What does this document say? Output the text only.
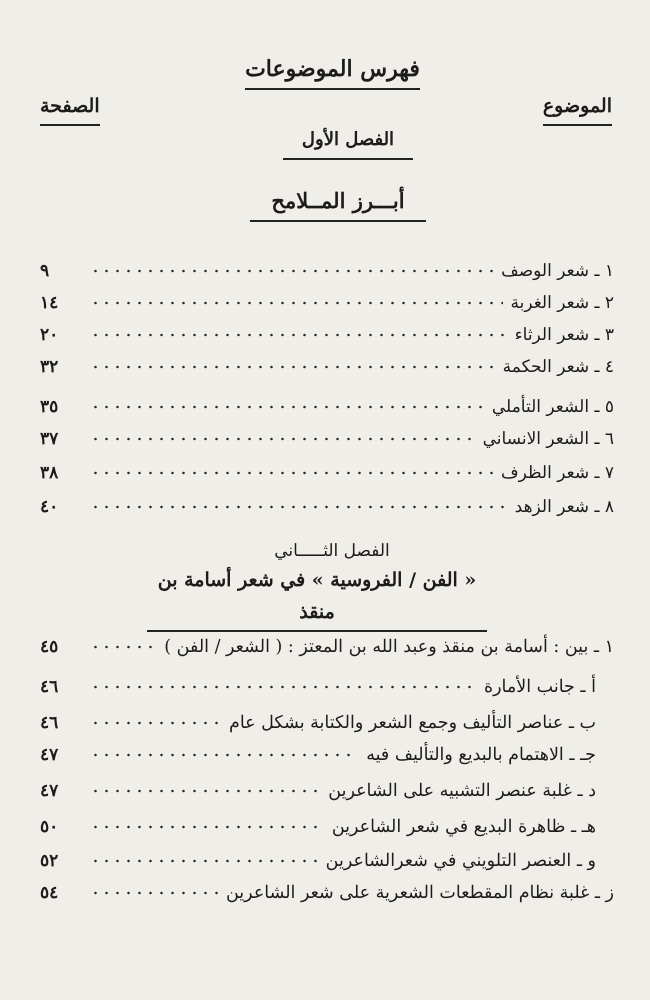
فهرس الموضوعات
الصفحة	الموضوع
الفصل الأول
أبـــرز المــلامح
١ ـ شعر الوصف
٩
٢ ـ شعر الغربة
١٤
٣ ـ شعر الرثاء
٢٠
٤ ـ شعر الحكمة
٣٢
٥ ـ الشعر التأملي
٣٥
٦ ـ الشعر الانساني
٣٧
٧ ـ شعر الظرف
٣٨
٨ ـ شعر الزهد
٤٠
الفصل الثـــــاني
« الفن / الفروسية » في شعر أسامة بن منقذ
١ ـ بين : أسامة بن منقذ وعبد الله بن المعتز : ( الشعر / الفن )
٤٥
أ ـ جانب الأمارة
٤٦
ب ـ عناصر التأليف وجمع الشعر والكتابة بشكل عام
٤٦
جـ ـ الاهتمام بالبديع والتأليف فيه
٤٧
د ـ غلبة عنصر التشبيه على الشاعرين
٤٧
هـ ـ ظاهرة البديع في شعر الشاعرين
٥٠
و ـ العنصر التلويني في شعرالشاعرين
٥٢
ز ـ غلبة نظام المقطعات الشعرية على شعر الشاعرين
٥٤
